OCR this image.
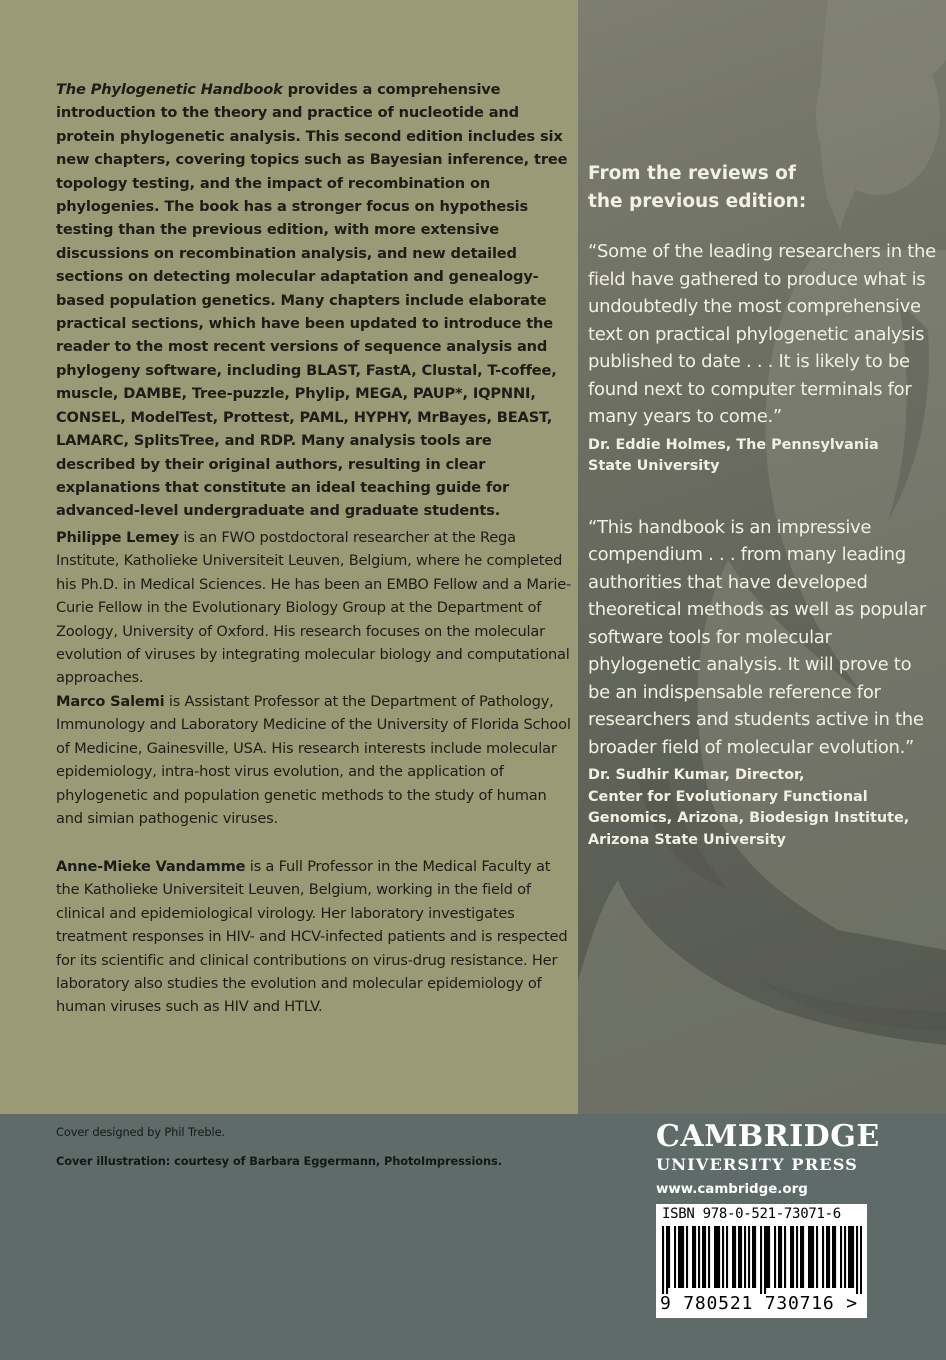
The Phylogenetic Handbook provides a comprehensive introduction to the theory and practice of nucleotide and protein phylogenetic analysis. This second edition includes six new chapters, covering topics such as Bayesian inference, tree topology testing, and the impact of recombination on phylogenies. The book has a stronger focus on hypothesis testing than the previous edition, with more extensive discussions on recombination analysis, and new detailed sections on detecting molecular adaptation and genealogy-based population genetics. Many chapters include elaborate practical sections, which have been updated to introduce the reader to the most recent versions of sequence analysis and phylogeny software, including BLAST, FastA, Clustal, T-coffee, muscle, DAMBE, Tree-puzzle, Phylip, MEGA, PAUP*, IQPNNI, CONSEL, ModelTest, Prottest, PAML, HYPHY, MrBayes, BEAST, LAMARC, SplitsTree, and RDP. Many analysis tools are described by their original authors, resulting in clear explanations that constitute an ideal teaching guide for advanced-level undergraduate and graduate students.
Philippe Lemey is an FWO postdoctoral researcher at the Rega Institute, Katholieke Universiteit Leuven, Belgium, where he completed his Ph.D. in Medical Sciences. He has been an EMBO Fellow and a Marie-Curie Fellow in the Evolutionary Biology Group at the Department of Zoology, University of Oxford. His research focuses on the molecular evolution of viruses by integrating molecular biology and computational approaches.
Marco Salemi is Assistant Professor at the Department of Pathology, Immunology and Laboratory Medicine of the University of Florida School of Medicine, Gainesville, USA. His research interests include molecular epidemiology, intra-host virus evolution, and the application of phylogenetic and population genetic methods to the study of human and simian pathogenic viruses.
Anne-Mieke Vandamme is a Full Professor in the Medical Faculty at the Katholieke Universiteit Leuven, Belgium, working in the field of clinical and epidemiological virology. Her laboratory investigates treatment responses in HIV- and HCV-infected patients and is respected for its scientific and clinical contributions on virus-drug resistance. Her laboratory also studies the evolution and molecular epidemiology of human viruses such as HIV and HTLV.
From the reviews of
the previous edition:
“Some of the leading researchers in the field have gathered to produce what is undoubtedly the most comprehensive text on practical phylogenetic analysis published to date . . . It is likely to be found next to computer terminals for many years to come.”
Dr. Eddie Holmes, The Pennsylvania
State University
“This handbook is an impressive compendium . . . from many leading authorities that have developed theoretical methods as well as popular software tools for molecular phylogenetic analysis. It will prove to be an indispensable reference for researchers and students active in the broader field of molecular evolution.”
Dr. Sudhir Kumar, Director,
Center for Evolutionary Functional
Genomics, Arizona, Biodesign Institute,
Arizona State University
Cover designed by Phil Treble.
Cover illustration: courtesy of Barbara Eggermann, PhotoImpressions.
CAMBRIDGE
UNIVERSITY PRESS
www.cambridge.org
ISBN 978-0-521-73071-6
9 780521 730716 >
